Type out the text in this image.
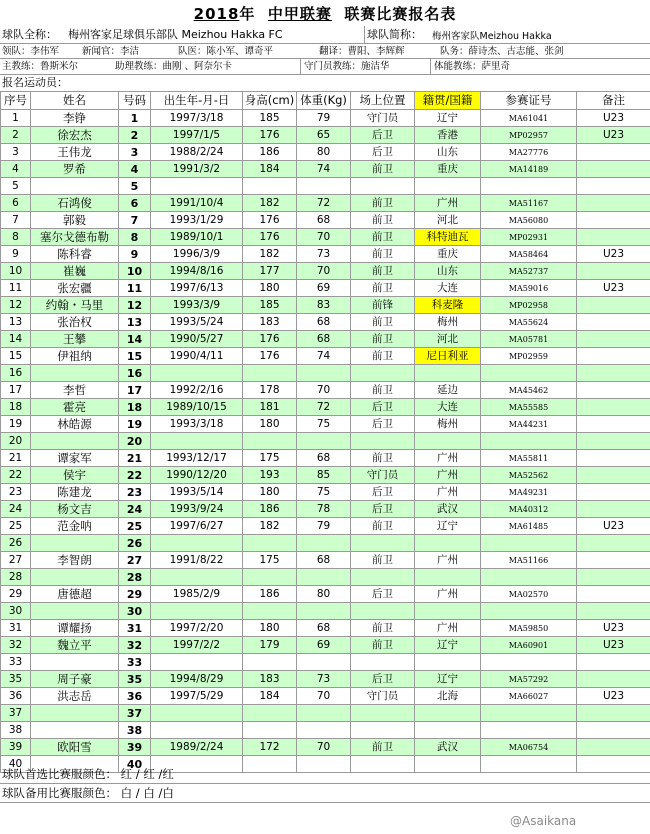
2018年 中甲联赛 联赛比赛报名表
球队全称： 梅州客家足球俱乐部队 Meizhou Hakka FC	球队简称： 梅州客家队Meizhou Hakka
领队：李伟军 新闻官：李洁	队医：陈小军、谭奇平	翻译：曹阳、李辉辉	队务：薛诗杰、古志能、张剑
主教练：鲁斯米尔	助理教练：曲刚 、阿奈尔卡	守门员教练：施洁华	体能教练：萨里奇
报名运动员：
序号	姓名	号码	出生年-月-日	身高(cm)	体重(Kg)	场上位置	籍贯/国籍	参赛证号	备注
1	李铮	1	1997/3/18	185	79	守门员	辽宁	MA61041	U23
2	徐宏杰	2	1997/1/5	176	65	后卫	香港	MP02957	U23
3	王伟龙	3	1988/2/24	186	80	后卫	山东	MA27776	
4	罗希	4	1991/3/2	184	74	前卫	重庆	MA14189	
5		5							
6	石鸿俊	6	1991/10/4	182	72	前卫	广州	MA51167	
7	郭毅	7	1993/1/29	176	68	前卫	河北	MA56080	
8	塞尔戈德布勒	8	1989/10/1	176	70	前卫	科特迪瓦	MP02931	
9	陈科睿	9	1996/3/9	182	73	前卫	重庆	MA58464	U23
10	崔巍	10	1994/8/16	177	70	前卫	山东	MA52737	
11	张宏疆	11	1997/6/13	180	69	前卫	大连	MA59016	U23
12	约翰・马里	12	1993/3/9	185	83	前锋	科麦隆	MP02958	
13	张治权	13	1993/5/24	183	68	前卫	梅州	MA55624	
14	王攀	14	1990/5/27	176	68	前卫	河北	MA05781	
15	伊祖纳	15	1990/4/11	176	74	前卫	尼日利亚	MP02959	
16		16							
17	李哲	17	1992/2/16	178	70	前卫	延边	MA45462	
18	霍亮	18	1989/10/15	181	72	后卫	大连	MA55585	
19	林皓源	19	1993/3/18	180	75	后卫	梅州	MA44231	
20		20							
21	谭家军	21	1993/12/17	175	68	前卫	广州	MA55811	
22	侯宇	22	1990/12/20	193	85	守门员	广州	MA52562	
23	陈建龙	23	1993/5/14	180	75	后卫	广州	MA49231	
24	杨文吉	24	1993/9/24	186	78	后卫	武汉	MA40312	
25	范金呐	25	1997/6/27	182	79	前卫	辽宁	MA61485	U23
26		26							
27	李智朗	27	1991/8/22	175	68	前卫	广州	MA51166	
28		28							
29	唐德超	29	1985/2/9	186	80	后卫	广州	MA02570	
30		30							
31	谭耀扬	31	1997/2/20	180	68	前卫	广州	MA59850	U23
32	魏立平	32	1997/2/2	179	69	前卫	辽宁	MA60901	U23
33		33							
35	周子豪	35	1994/8/29	183	73	后卫	辽宁	MA57292	
36	洪志岳	36	1997/5/29	184	70	守门员	北海	MA66027	U23
37		37							
38		38							
39	欧阳雪	39	1989/2/24	172	70	前卫	武汉	MA06754	
40		40							
球队首选比赛服颜色： 红 / 红 /红
球队备用比赛服颜色： 白 / 白 /白
@Asaikana
